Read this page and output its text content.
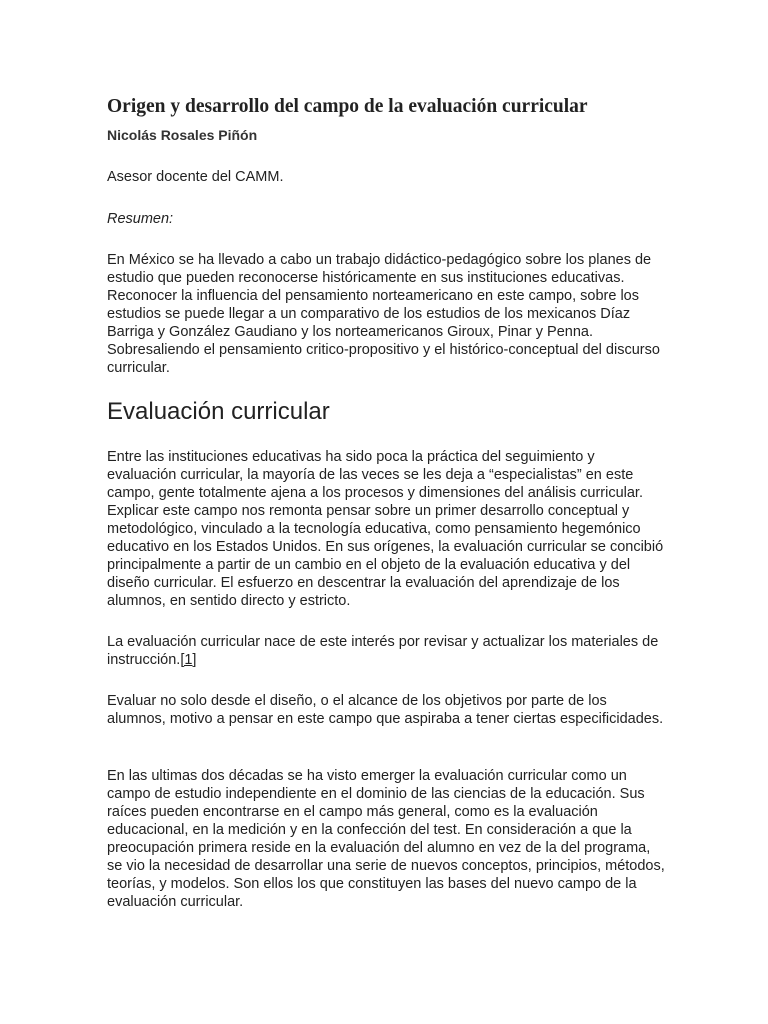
Origen y desarrollo del campo de la evaluación curricular

Nicolás Rosales Piñón

Asesor docente del CAMM.

Resumen:

En México se ha llevado a cabo un trabajo didáctico-pedagógico sobre los planes de estudio que pueden reconocerse históricamente en sus instituciones educativas. Reconocer la influencia del pensamiento norteamericano en este campo, sobre los estudios se puede llegar a un comparativo de los estudios de los mexicanos Díaz Barriga y González Gaudiano y los norteamericanos Giroux, Pinar y Penna. Sobresaliendo el pensamiento critico-propositivo y el histórico-conceptual del discurso curricular.

Evaluación curricular

Entre las instituciones educativas ha sido poca la práctica del seguimiento y evaluación curricular, la mayoría de las veces se les deja a “especialistas” en este campo, gente totalmente ajena a los procesos y dimensiones del análisis curricular. Explicar este campo nos remonta pensar sobre un primer desarrollo conceptual y metodológico, vinculado a la tecnología educativa, como pensamiento hegemónico educativo en los Estados Unidos. En sus orígenes, la evaluación curricular se concibió principalmente a partir de un cambio en el objeto de la evaluación educativa y del diseño curricular. El esfuerzo en descentrar la evaluación del aprendizaje de los alumnos, en sentido directo y estricto.

La evaluación curricular nace de este interés por revisar y actualizar los materiales de instrucción.[1]

Evaluar no solo desde el diseño, o el alcance de los objetivos por parte de los alumnos, motivo a pensar en este campo que aspiraba a tener ciertas especificidades.

En las ultimas dos décadas se ha visto emerger la evaluación curricular como un campo de estudio independiente en el dominio de las ciencias de la educación. Sus raíces pueden encontrarse en el campo más general, como es la evaluación educacional, en la medición y en la confección del test. En consideración a que la preocupación primera reside en la evaluación del alumno en vez de la del programa, se vio la necesidad de desarrollar una serie de nuevos conceptos, principios, métodos, teorías, y modelos. Son ellos los que constituyen las bases del nuevo campo de la evaluación curricular.
